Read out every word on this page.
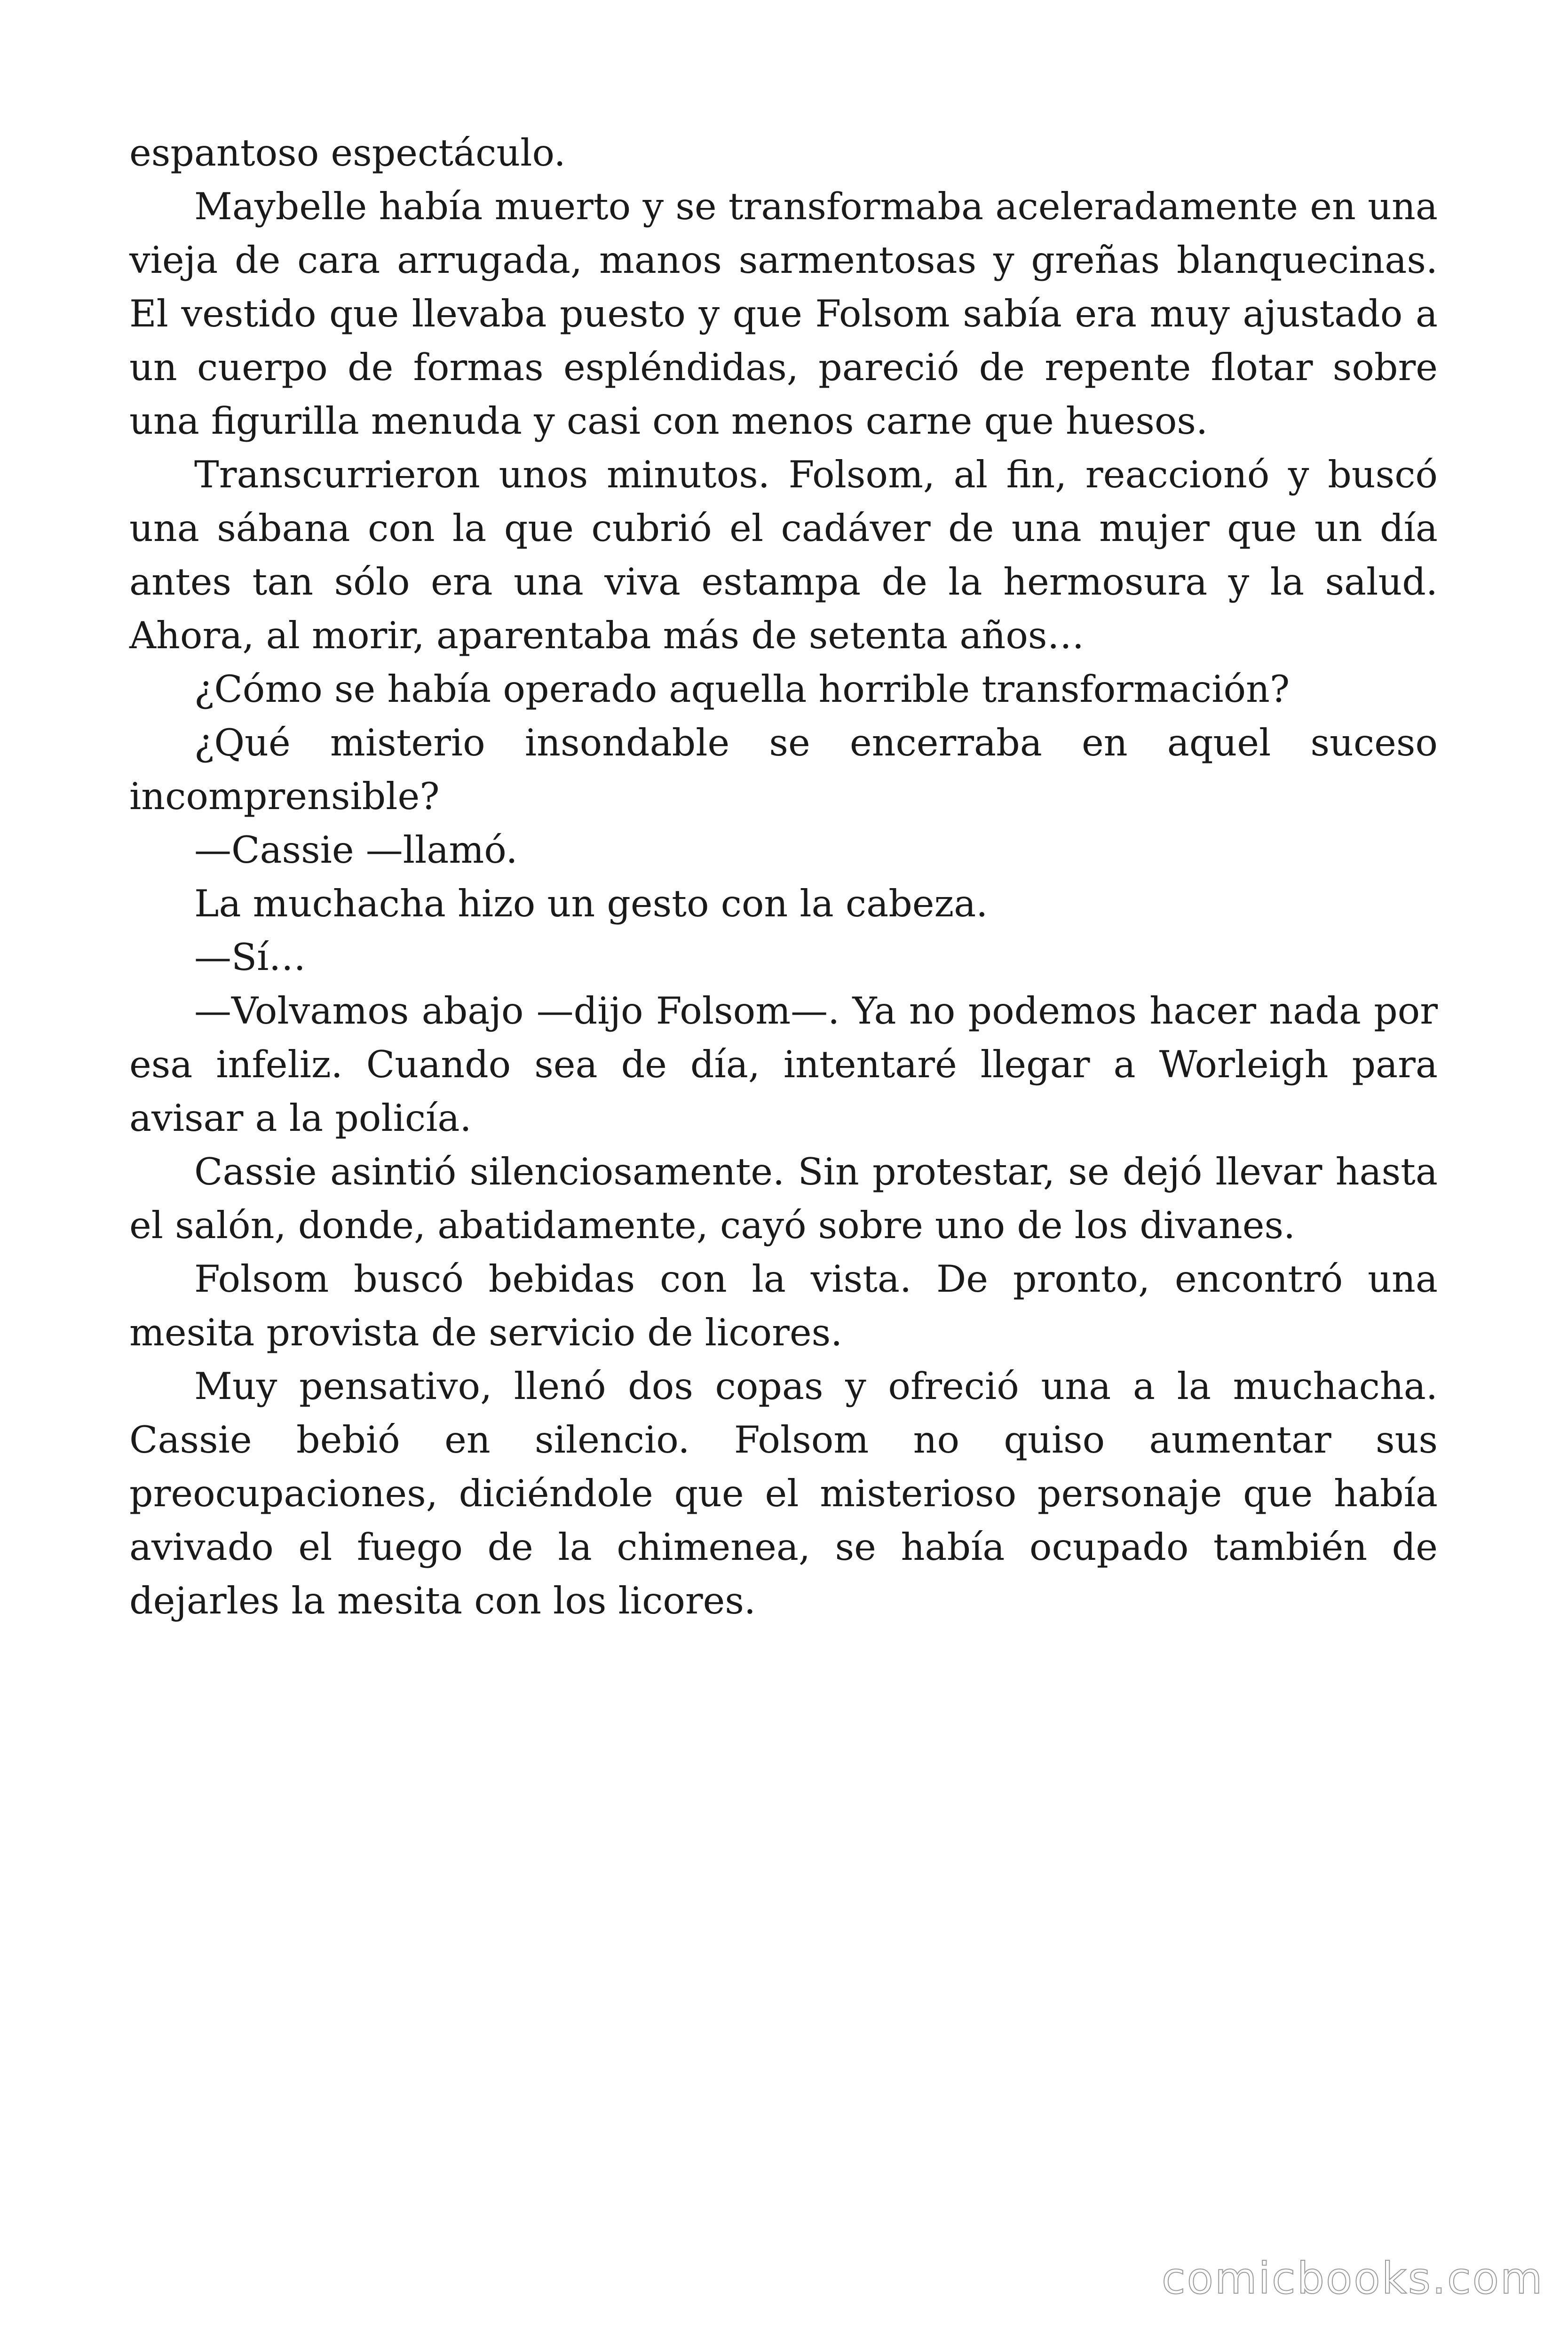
espantoso espectáculo.

Maybelle había muerto y se transformaba aceleradamente en una vieja de cara arrugada, manos sarmentosas y greñas blanquecinas. El vestido que llevaba puesto y que Folsom sabía era muy ajustado a un cuerpo de formas espléndidas, pareció de repente flotar sobre una figurilla menuda y casi con menos carne que huesos.

Transcurrieron unos minutos. Folsom, al fin, reaccionó y buscó una sábana con la que cubrió el cadáver de una mujer que un día antes tan sólo era una viva estampa de la hermosura y la salud. Ahora, al morir, aparentaba más de setenta años…

¿Cómo se había operado aquella horrible transformación?

¿Qué misterio insondable se encerraba en aquel suceso incomprensible?

—Cassie —llamó.

La muchacha hizo un gesto con la cabeza.

—Sí…

—Volvamos abajo —dijo Folsom—. Ya no podemos hacer nada por esa infeliz. Cuando sea de día, intentaré llegar a Worleigh para avisar a la policía.

Cassie asintió silenciosamente. Sin protestar, se dejó llevar hasta el salón, donde, abatidamente, cayó sobre uno de los divanes.

Folsom buscó bebidas con la vista. De pronto, encontró una mesita provista de servicio de licores.

Muy pensativo, llenó dos copas y ofreció una a la muchacha. Cassie bebió en silencio. Folsom no quiso aumentar sus preocupaciones, diciéndole que el misterioso personaje que había avivado el fuego de la chimenea, se había ocupado también de dejarles la mesita con los licores.

comicbooks.com
